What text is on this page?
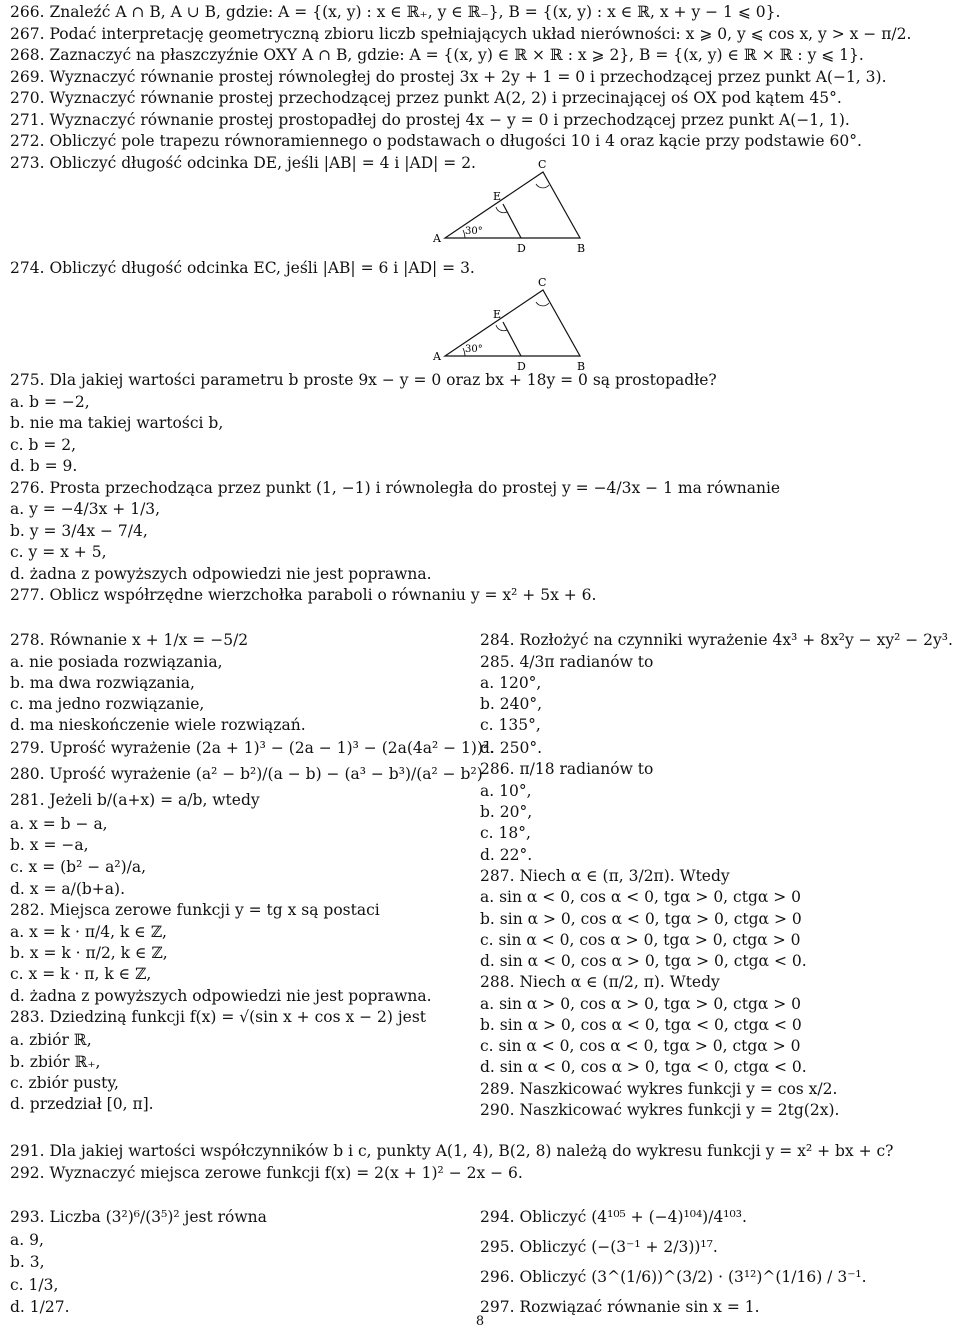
266. Znaleźć A ∩ B, A ∪ B, gdzie: A = {(x, y) : x ∈ ℝ₊, y ∈ ℝ₋}, B = {(x, y) : x ∈ ℝ, x + y − 1 ⩽ 0}.
267. Podać interpretację geometryczną zbioru liczb spełniających układ nierówności: x ⩾ 0, y ⩽ cos x, y > x − π/2.
268. Zaznaczyć na płaszczyźnie OXY A ∩ B, gdzie: A = {(x, y) ∈ ℝ × ℝ : x ⩾ 2}, B = {(x, y) ∈ ℝ × ℝ : y ⩽ 1}.
269. Wyznaczyć równanie prostej równoległej do prostej 3x + 2y + 1 = 0 i przechodzącej przez punkt A(−1, 3).
270. Wyznaczyć równanie prostej przechodzącej przez punkt A(2, 2) i przecinającej oś OX pod kątem 45°.
271. Wyznaczyć równanie prostej prostopadłej do prostej 4x − y = 0 i przechodzącej przez punkt A(−1, 1).
272. Obliczyć pole trapezu równoramiennego o podstawach o długości 10 i 4 oraz kącie przy podstawie 60°.
273. Obliczyć długość odcinka DE, jeśli |AB| = 4 i |AD| = 2.
274. Obliczyć długość odcinka EC, jeśli |AB| = 6 i |AD| = 3.
A
30°
D	B
C
E
A
30°
D	B
C
E
275. Dla jakiej wartości parametru b proste 9x − y = 0 oraz bx + 18y = 0 są prostopadłe?
a. b = −2,
b. nie ma takiej wartości b,
c. b = 2,
d. b = 9.
276. Prosta przechodząca przez punkt (1, −1) i równoległa do prostej y = −4/3x − 1 ma równanie
a. y = −4/3x + 1/3,
b. y = 3/4x − 7/4,
c. y = x + 5,
d. żadna z powyższych odpowiedzi nie jest poprawna.
277. Oblicz współrzędne wierzchołka paraboli o równaniu y = x² + 5x + 6.
278. Równanie x + 1/x = −5/2
a. nie posiada rozwiązania,
b. ma dwa rozwiązania,
c. ma jedno rozwiązanie,
d. ma nieskończenie wiele rozwiązań.
279. Uprość wyrażenie (2a + 1)³ − (2a − 1)³ − (2a(4a² − 1))².
280. Uprość wyrażenie (a² − b²)/(a − b) − (a³ − b³)/(a² − b²)
281. Jeżeli b/(a+x) = a/b, wtedy
a. x = b − a,
b. x = −a,
c. x = (b² − a²)/a,
d. x = a/(b+a).
282. Miejsca zerowe funkcji y = tg x są postaci
a. x = k · π/4, k ∈ ℤ,
b. x = k · π/2, k ∈ ℤ,
c. x = k · π, k ∈ ℤ,
d. żadna z powyższych odpowiedzi nie jest poprawna.
283. Dziedziną funkcji f(x) = √(sin x + cos x − 2) jest
a. zbiór ℝ,
b. zbiór ℝ₊,
c. zbiór pusty,
d. przedział [0, π].
284. Rozłożyć na czynniki wyrażenie 4x³ + 8x²y − xy² − 2y³.
285. 4/3π radianów to
a. 120°,
b. 240°,
c. 135°,
d. 250°.
286. π/18 radianów to
a. 10°,
b. 20°,
c. 18°,
d. 22°.
287. Niech α ∈ (π, 3/2π). Wtedy
a. sin α < 0, cos α < 0, tgα > 0, ctgα > 0
b. sin α > 0, cos α < 0, tgα > 0, ctgα > 0
c. sin α < 0, cos α > 0, tgα > 0, ctgα > 0
d. sin α < 0, cos α > 0, tgα > 0, ctgα < 0.
288. Niech α ∈ (π/2, π). Wtedy
a. sin α > 0, cos α > 0, tgα > 0, ctgα > 0
b. sin α > 0, cos α < 0, tgα < 0, ctgα < 0
c. sin α < 0, cos α < 0, tgα > 0, ctgα > 0
d. sin α < 0, cos α > 0, tgα < 0, ctgα < 0.
289. Naszkicować wykres funkcji y = cos x/2.
290. Naszkicować wykres funkcji y = 2tg(2x).
291. Dla jakiej wartości współczynników b i c, punkty A(1, 4), B(2, 8) należą do wykresu funkcji y = x² + bx + c?
292. Wyznaczyć miejsca zerowe funkcji f(x) = 2(x + 1)² − 2x − 6.
293. Liczba (3²)⁶/(3⁵)² jest równa
a. 9,
b. 3,
c. 1/3,
d. 1/27.
294. Obliczyć (4¹⁰⁵ + (−4)¹⁰⁴)/4¹⁰³.
295. Obliczyć (−(3⁻¹ + 2/3))¹⁷.
296. Obliczyć (3^(1/6))^(3/2) · (3¹²)^(1/16) / 3⁻¹.
297. Rozwiązać równanie sin x = 1.
8
